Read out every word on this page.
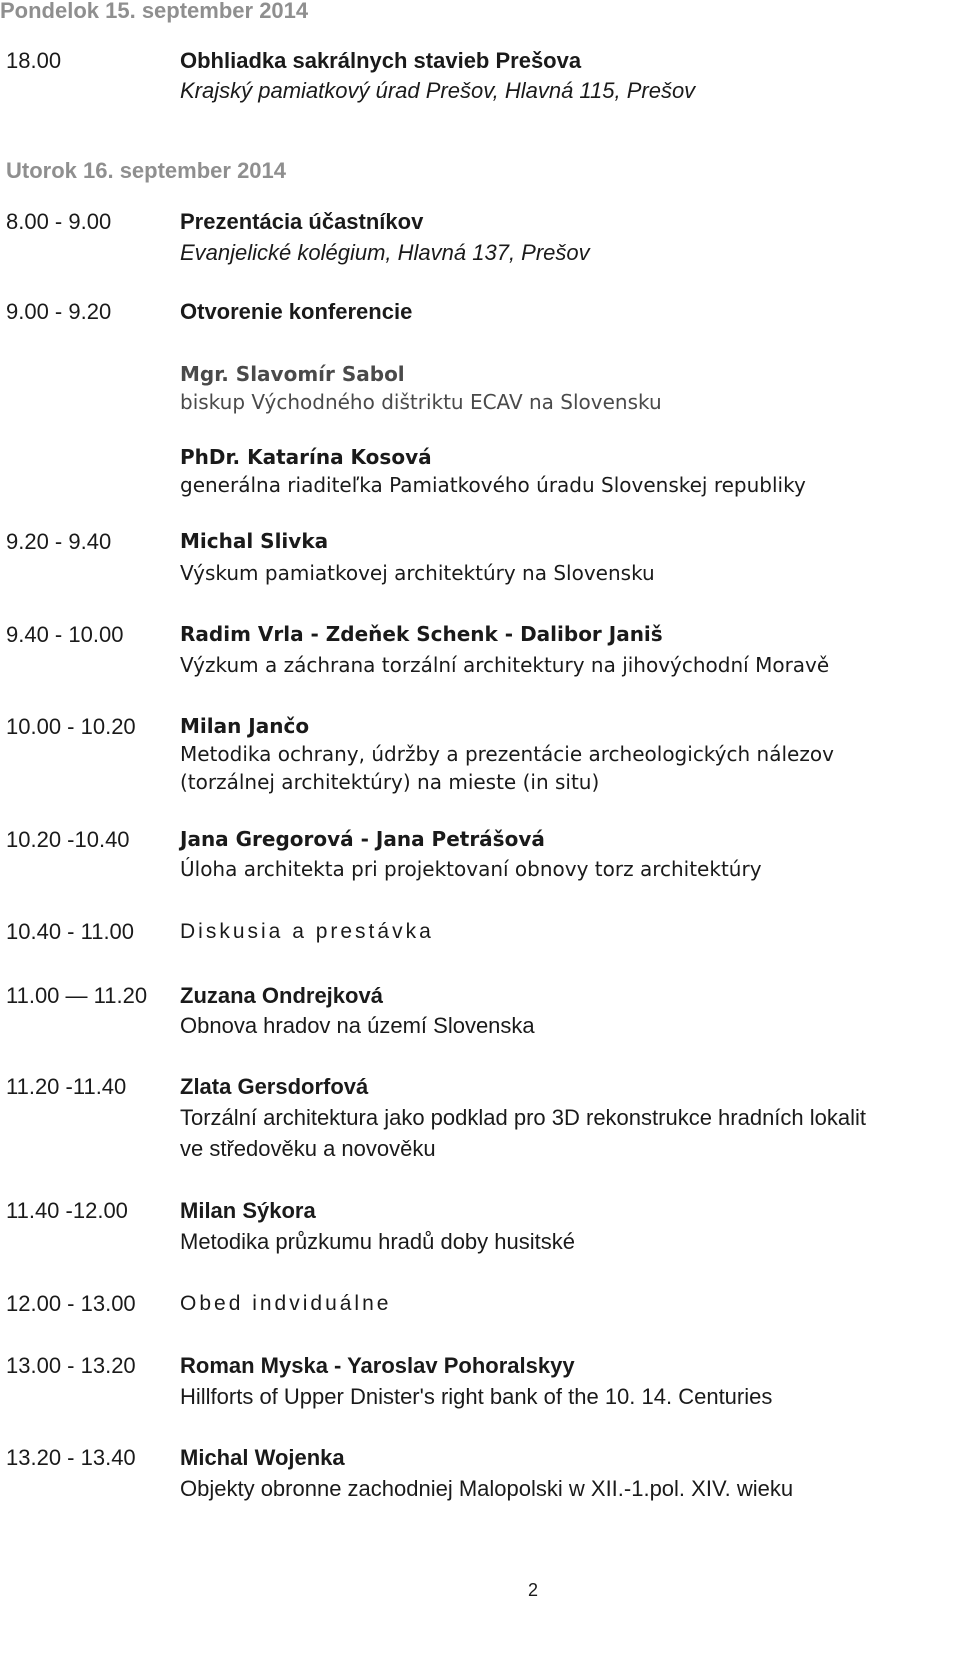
Pondelok 15. september 2014
18.00	Obhliadka sakrálnych stavieb Prešova
Krajský pamiatkový úrad Prešov, Hlavná 115, Prešov
Utorok 16. september 2014
8.00 - 9.00	Prezentácia účastníkov
Evanjelické kolégium, Hlavná 137, Prešov
9.00 - 9.20	Otvorenie konferencie
Mgr. Slavomír Sabol
biskup Východného dištriktu ECAV na Slovensku
PhDr. Katarína Kosová
generálna riaditeľka Pamiatkového úradu Slovenskej republiky
9.20 - 9.40	Michal Slivka
Výskum pamiatkovej architektúry na Slovensku
9.40 - 10.00	Radim Vrla - Zdeňek Schenk - Dalibor Janiš
Výzkum a záchrana torzální architektury na jihovýchodní Moravě
10.00 - 10.20 Milan Jančo
Metodika ochrany, údržby a prezentácie archeologických nálezov
(torzálnej architektúry) na mieste (in situ)
10.20 -10.40	Jana Gregorová - Jana Petrášová
Úloha architekta pri projektovaní obnovy torz architektúry
10.40 - 11.00 Diskusia a prestávka
11.00 — 11.20 Zuzana Ondrejková
Obnova hradov na území Slovenska
11.20 -11.40 Zlata Gersdorfová
Torzální architektura jako podklad pro 3D rekonstrukce hradních lokalit
ve středověku a novověku
11.40 -12.00 Milan Sýkora
Metodika průzkumu hradů doby husitské
12.00 - 13.00 Obed indviduálne
13.00 - 13.20 Roman Myska - Yaroslav Pohoralskyy
Hillforts of Upper Dnister's right bank of the 10. 14. Centuries
13.20 - 13.40 Michal Wojenka
Objekty obronne zachodniej Malopolski w XII.-1.pol. XIV. wieku
2
